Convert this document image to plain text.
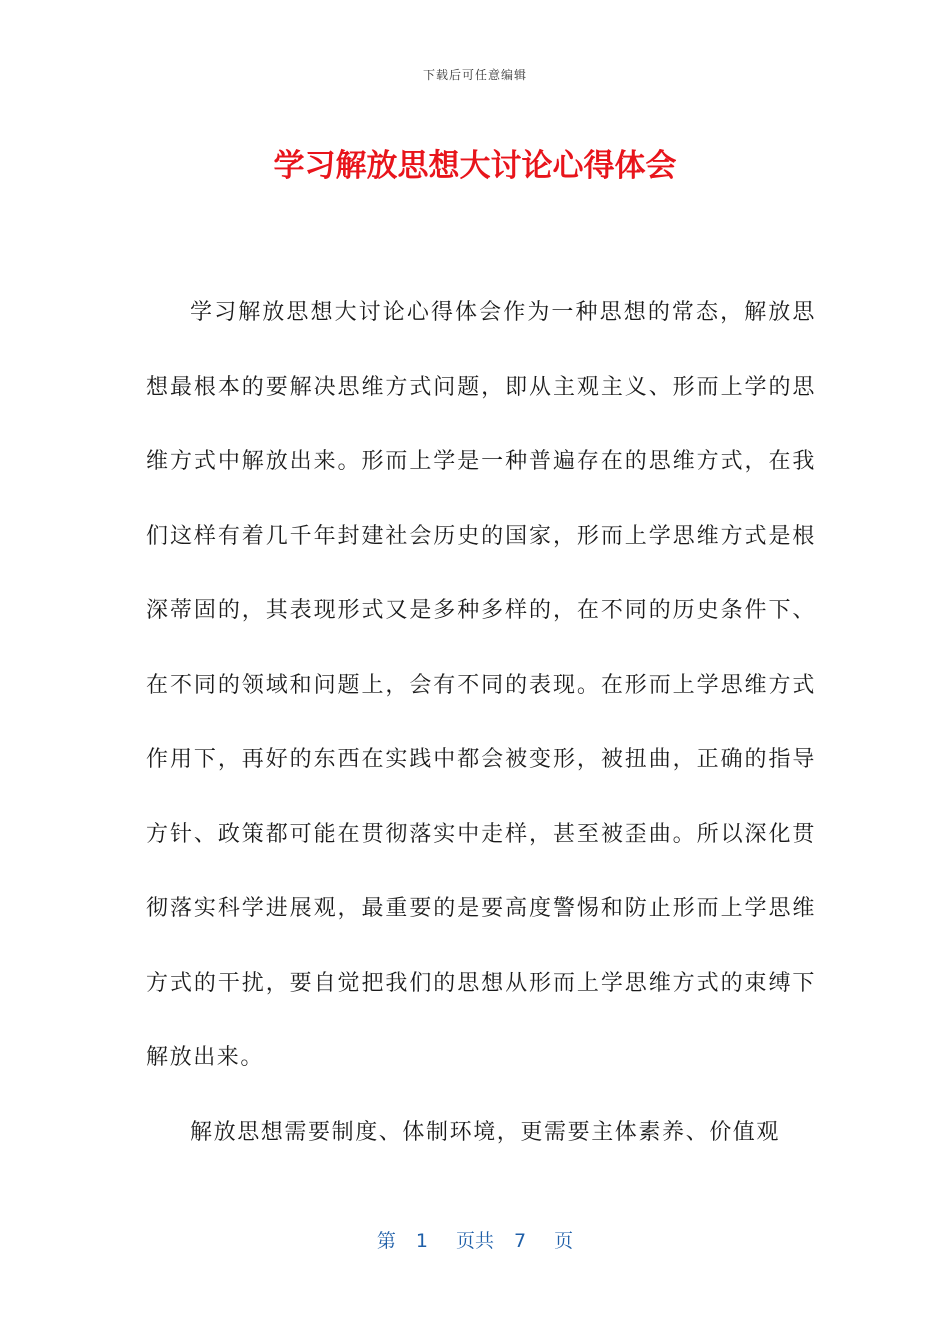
下载后可任意编辑
学习解放思想大讨论心得体会

学习解放思想大讨论心得体会作为一种思想的常态，解放思想最根本的要解决思维方式问题，即从主观主义、形而上学的思维方式中解放出来。形而上学是一种普遍存在的思维方式，在我们这样有着几千年封建社会历史的国家，形而上学思维方式是根深蒂固的，其表现形式又是多种多样的，在不同的历史条件下、在不同的领域和问题上，会有不同的表现。在形而上学思维方式作用下，再好的东西在实践中都会被变形，被扭曲，正确的指导方针、政策都可能在贯彻落实中走样，甚至被歪曲。所以深化贯彻落实科学进展观，最重要的是要高度警惕和防止形而上学思维方式的干扰，要自觉把我们的思想从形而上学思维方式的束缚下解放出来。

解放思想需要制度、体制环境，更需要主体素养、价值观

第 1 页共 7 页
